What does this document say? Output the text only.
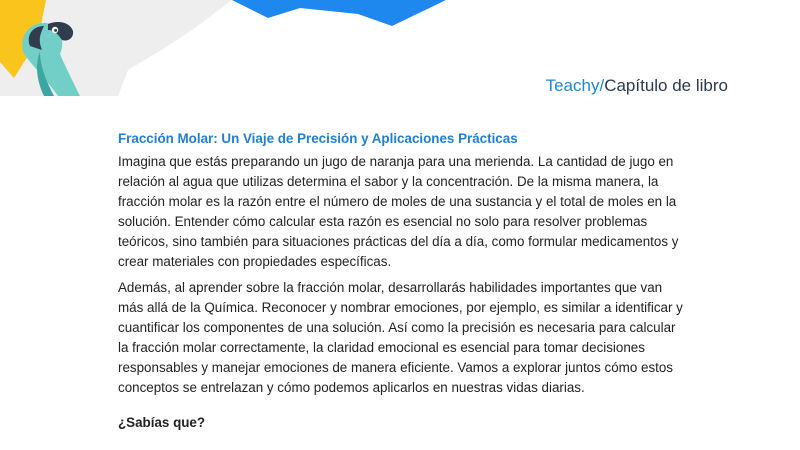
Teachy/Capítulo de libro
Fracción Molar: Un Viaje de Precisión y Aplicaciones Prácticas

Imagina que estás preparando un jugo de naranja para una merienda. La cantidad de jugo en relación al agua que utilizas determina el sabor y la concentración. De la misma manera, la fracción molar es la razón entre el número de moles de una sustancia y el total de moles en la solución. Entender cómo calcular esta razón es esencial no solo para resolver problemas teóricos, sino también para situaciones prácticas del día a día, como formular medicamentos y crear materiales con propiedades específicas.

Además, al aprender sobre la fracción molar, desarrollarás habilidades importantes que van más allá de la Química. Reconocer y nombrar emociones, por ejemplo, es similar a identificar y cuantificar los componentes de una solución. Así como la precisión es necesaria para calcular la fracción molar correctamente, la claridad emocional es esencial para tomar decisiones responsables y manejar emociones de manera eficiente. Vamos a explorar juntos cómo estos conceptos se entrelazan y cómo podemos aplicarlos en nuestras vidas diarias.

¿Sabías que?
